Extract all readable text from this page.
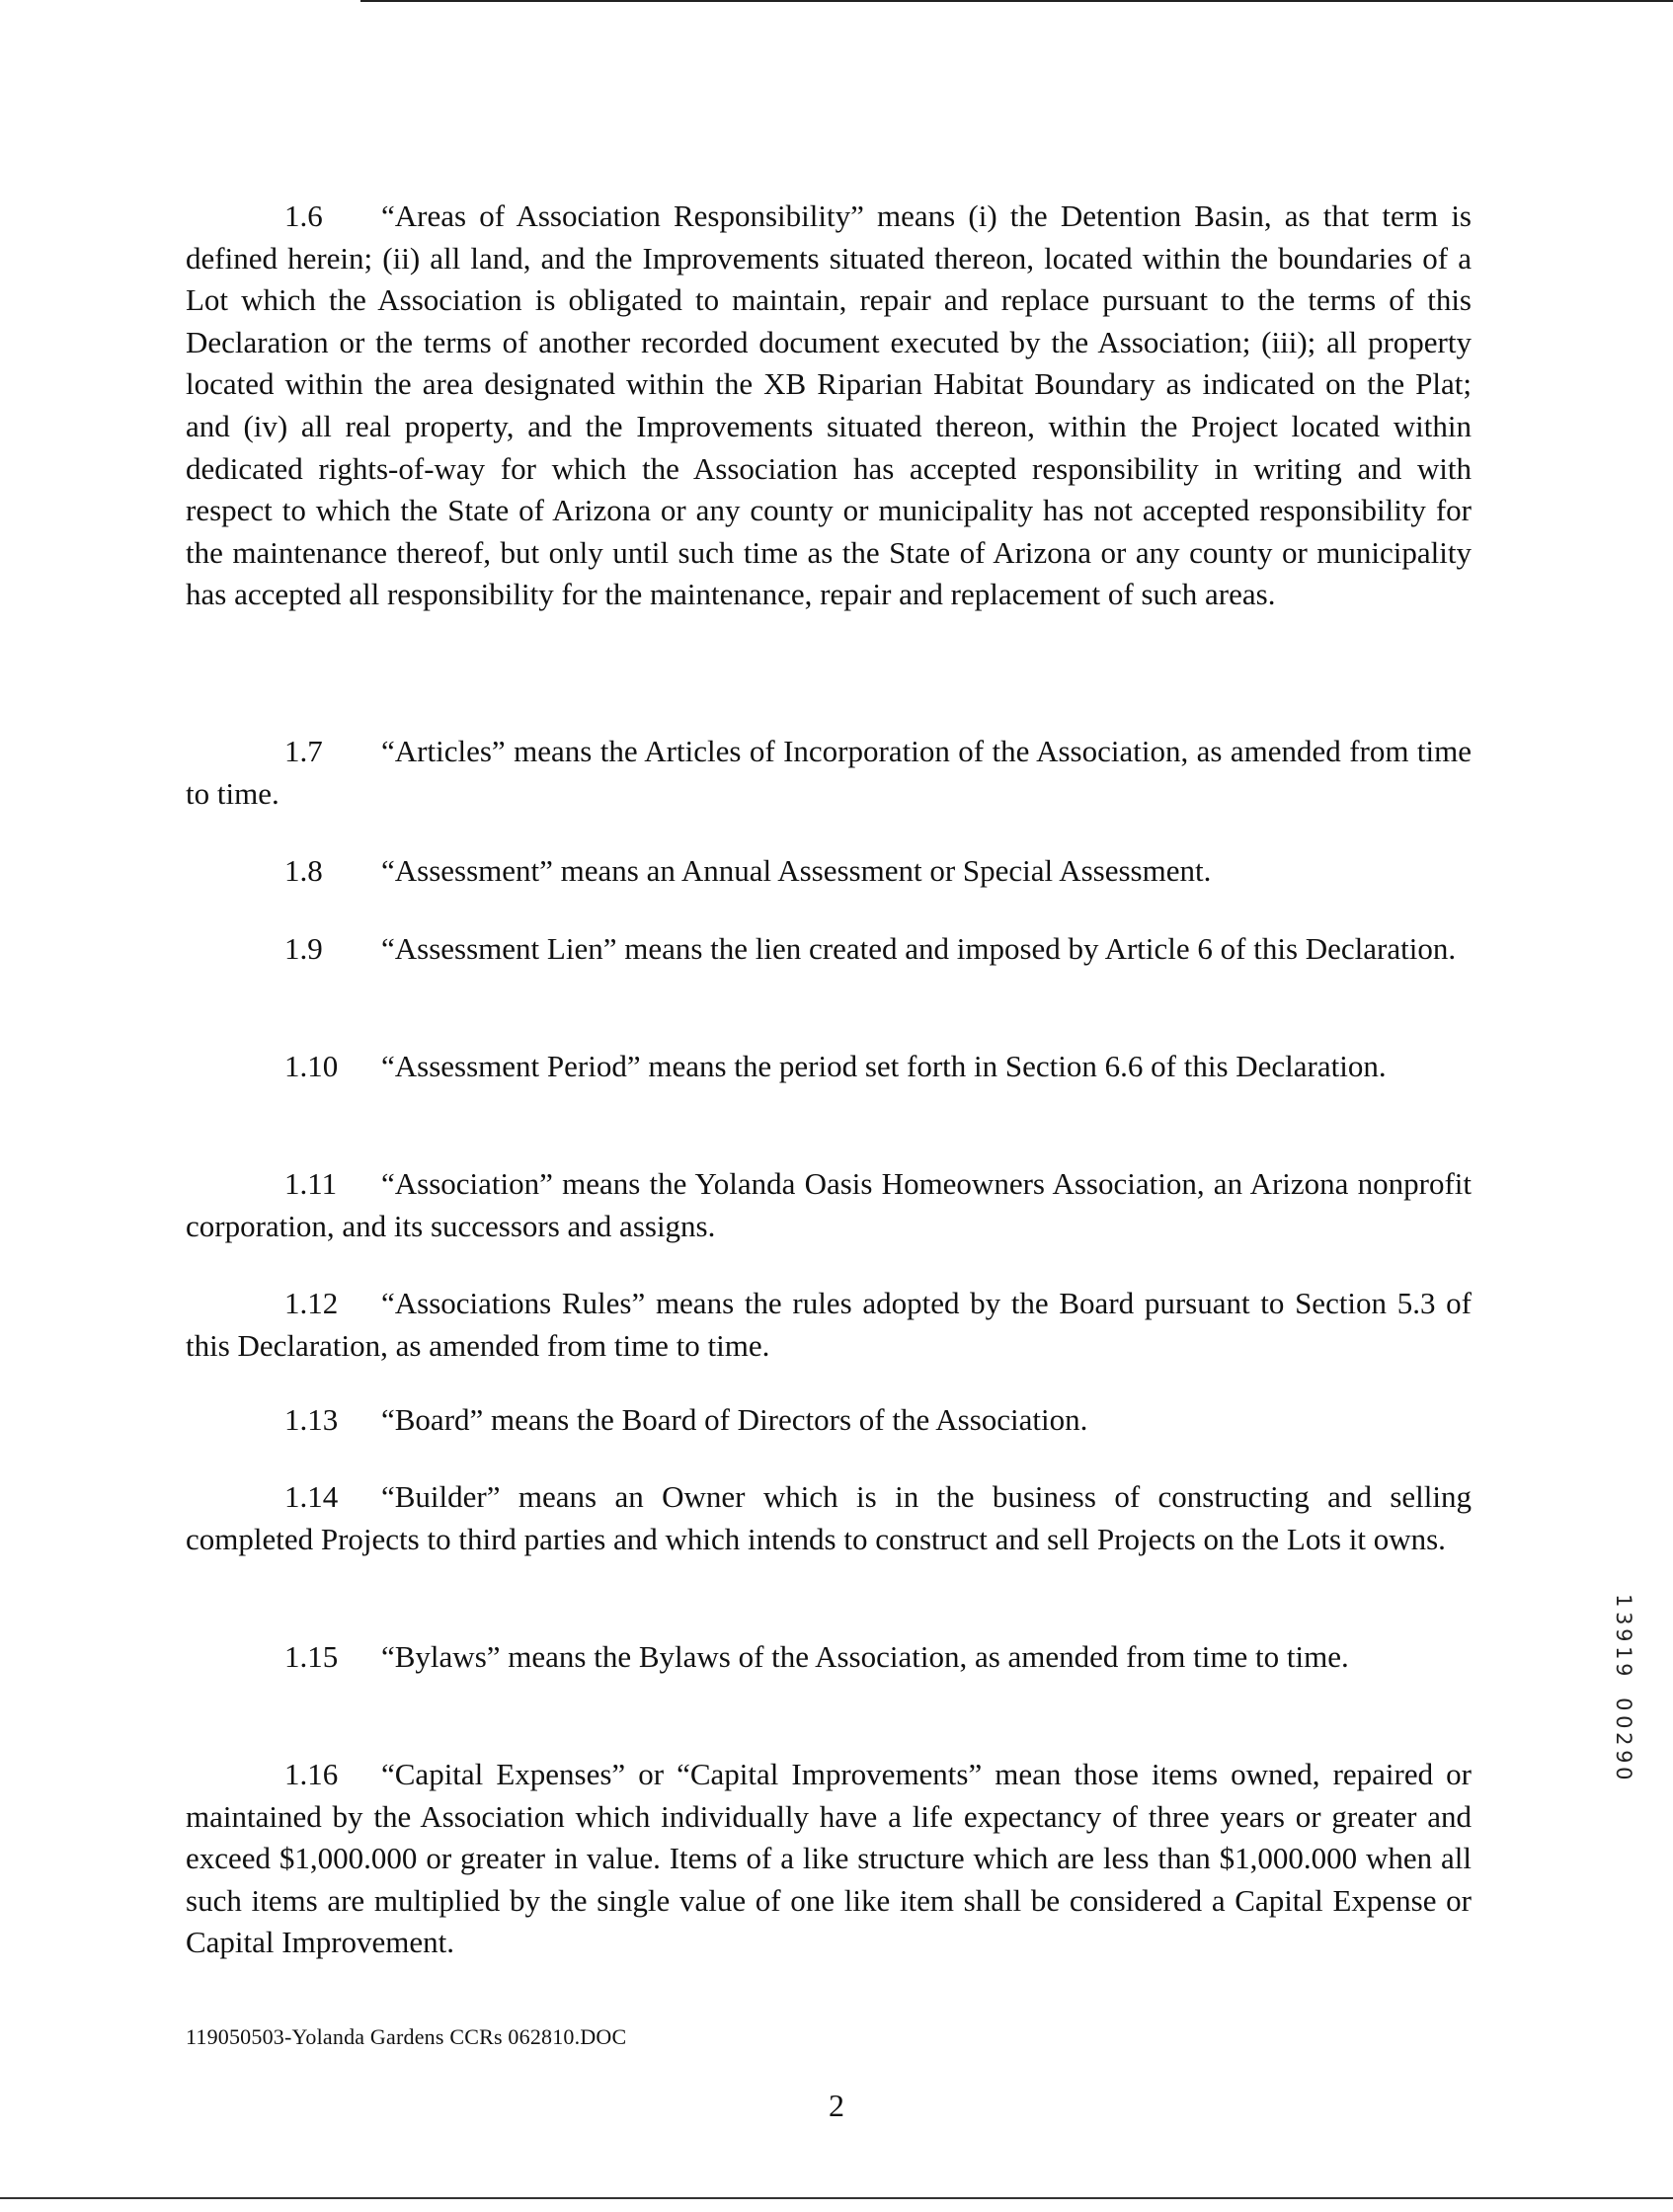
1.6 “Areas of Association Responsibility” means (i) the Detention Basin, as that term is defined herein; (ii) all land, and the Improvements situated thereon, located within the boundaries of a Lot which the Association is obligated to maintain, repair and replace pursuant to the terms of this Declaration or the terms of another recorded document executed by the Association; (iii); all property located within the area designated within the XB Riparian Habitat Boundary as indicated on the Plat; and (iv) all real property, and the Improvements situated thereon, within the Project located within dedicated rights-of-way for which the Association has accepted responsibility in writing and with respect to which the State of Arizona or any county or municipality has not accepted responsibility for the maintenance thereof, but only until such time as the State of Arizona or any county or municipality has accepted all responsibility for the maintenance, repair and replacement of such areas.

1.7 “Articles” means the Articles of Incorporation of the Association, as amended from time to time.

1.8 “Assessment” means an Annual Assessment or Special Assessment.

1.9 “Assessment Lien” means the lien created and imposed by Article 6 of this Declaration.

1.10 “Assessment Period” means the period set forth in Section 6.6 of this Declaration.

1.11 “Association” means the Yolanda Oasis Homeowners Association, an Arizona nonprofit corporation, and its successors and assigns.

1.12 “Associations Rules” means the rules adopted by the Board pursuant to Section 5.3 of this Declaration, as amended from time to time.

1.13 “Board” means the Board of Directors of the Association.

1.14 “Builder” means an Owner which is in the business of constructing and selling completed Projects to third parties and which intends to construct and sell Projects on the Lots it owns.

1.15 “Bylaws” means the Bylaws of the Association, as amended from time to time.

1.16 “Capital Expenses” or “Capital Improvements” mean those items owned, repaired or maintained by the Association which individually have a life expectancy of three years or greater and exceed $1,000.000 or greater in value. Items of a like structure which are less than $1,000.000 when all such items are multiplied by the single value of one like item shall be considered a Capital Expense or Capital Improvement.

1
3
9
1
9
0
0
2
9
0
119050503-Yolanda Gardens CCRs 062810.DOC
2
